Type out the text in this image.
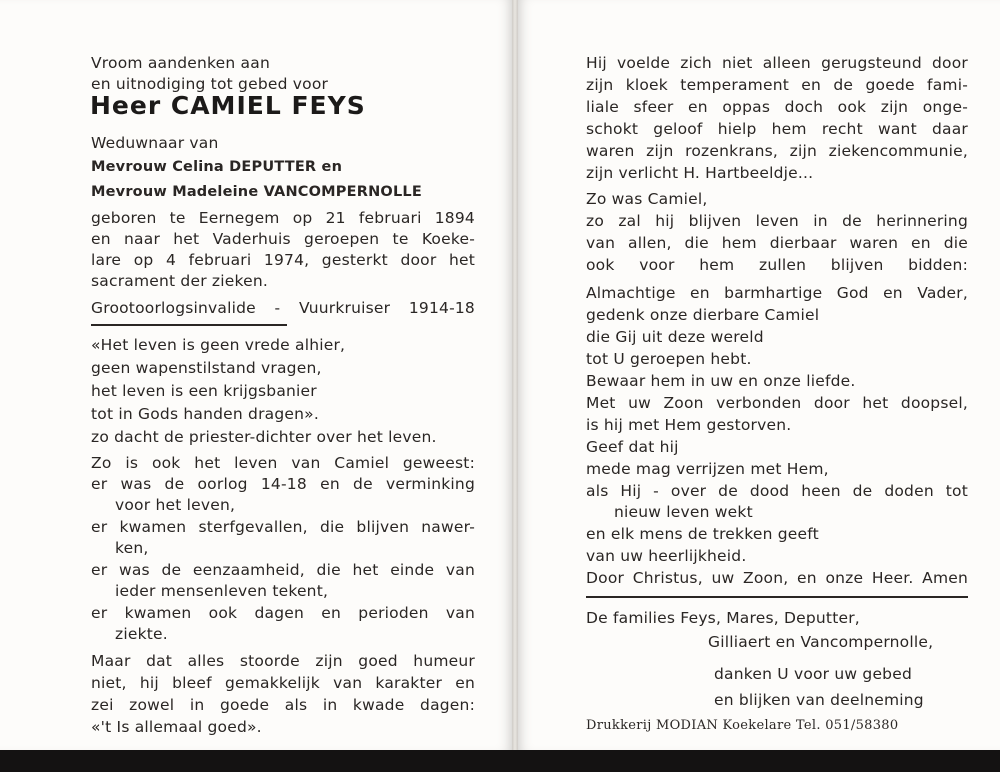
Vroom aandenken aan
en uitnodiging tot gebed voor
Heer CAMIEL FEYS
Weduwnaar van
Mevrouw Celina DEPUTTER en
Mevrouw Madeleine VANCOMPERNOLLE
geboren te Eernegem op 21 februari 1894
en naar het Vaderhuis geroepen te Koeke-
lare op 4 februari 1974, gesterkt door het
sacrament der zieken.
Grootoorlogsinvalide - Vuurkruiser 1914-18
«Het leven is geen vrede alhier,
geen wapenstilstand vragen,
het leven is een krijgsbanier
tot in Gods handen dragen».
zo dacht de priester-dichter over het leven.
Zo is ook het leven van Camiel geweest:
er was de oorlog 14-18 en de verminking
voor het leven,
er kwamen sterfgevallen, die blijven nawer-
ken,
er was de eenzaamheid, die het einde van
ieder mensenleven tekent,
er kwamen ook dagen en perioden van
ziekte.
Maar dat alles stoorde zijn goed humeur
niet, hij bleef gemakkelijk van karakter en
zei zowel in goede als in kwade dagen:
«'t Is allemaal goed».
Hij voelde zich niet alleen gerugsteund door
zijn kloek temperament en de goede fami-
liale sfeer en oppas doch ook zijn onge-
schokt geloof hielp hem recht want daar
waren zijn rozenkrans, zijn ziekencommunie,
zijn verlicht H. Hartbeeldje...
Zo was Camiel,
zo zal hij blijven leven in de herinnering
van allen, die hem dierbaar waren en die
ook voor hem zullen blijven bidden:
Almachtige en barmhartige God en Vader,
gedenk onze dierbare Camiel
die Gij uit deze wereld
tot U geroepen hebt.
Bewaar hem in uw en onze liefde.
Met uw Zoon verbonden door het doopsel,
is hij met Hem gestorven.
Geef dat hij
mede mag verrijzen met Hem,
als Hij - over de dood heen de doden tot
nieuw leven wekt
en elk mens de trekken geeft
van uw heerlijkheid.
Door Christus, uw Zoon, en onze Heer. Amen
De families Feys, Mares, Deputter,
Gilliaert en Vancompernolle,
danken U voor uw gebed
en blijken van deelneming
Drukkerij MODIAN Koekelare Tel. 051/58380
